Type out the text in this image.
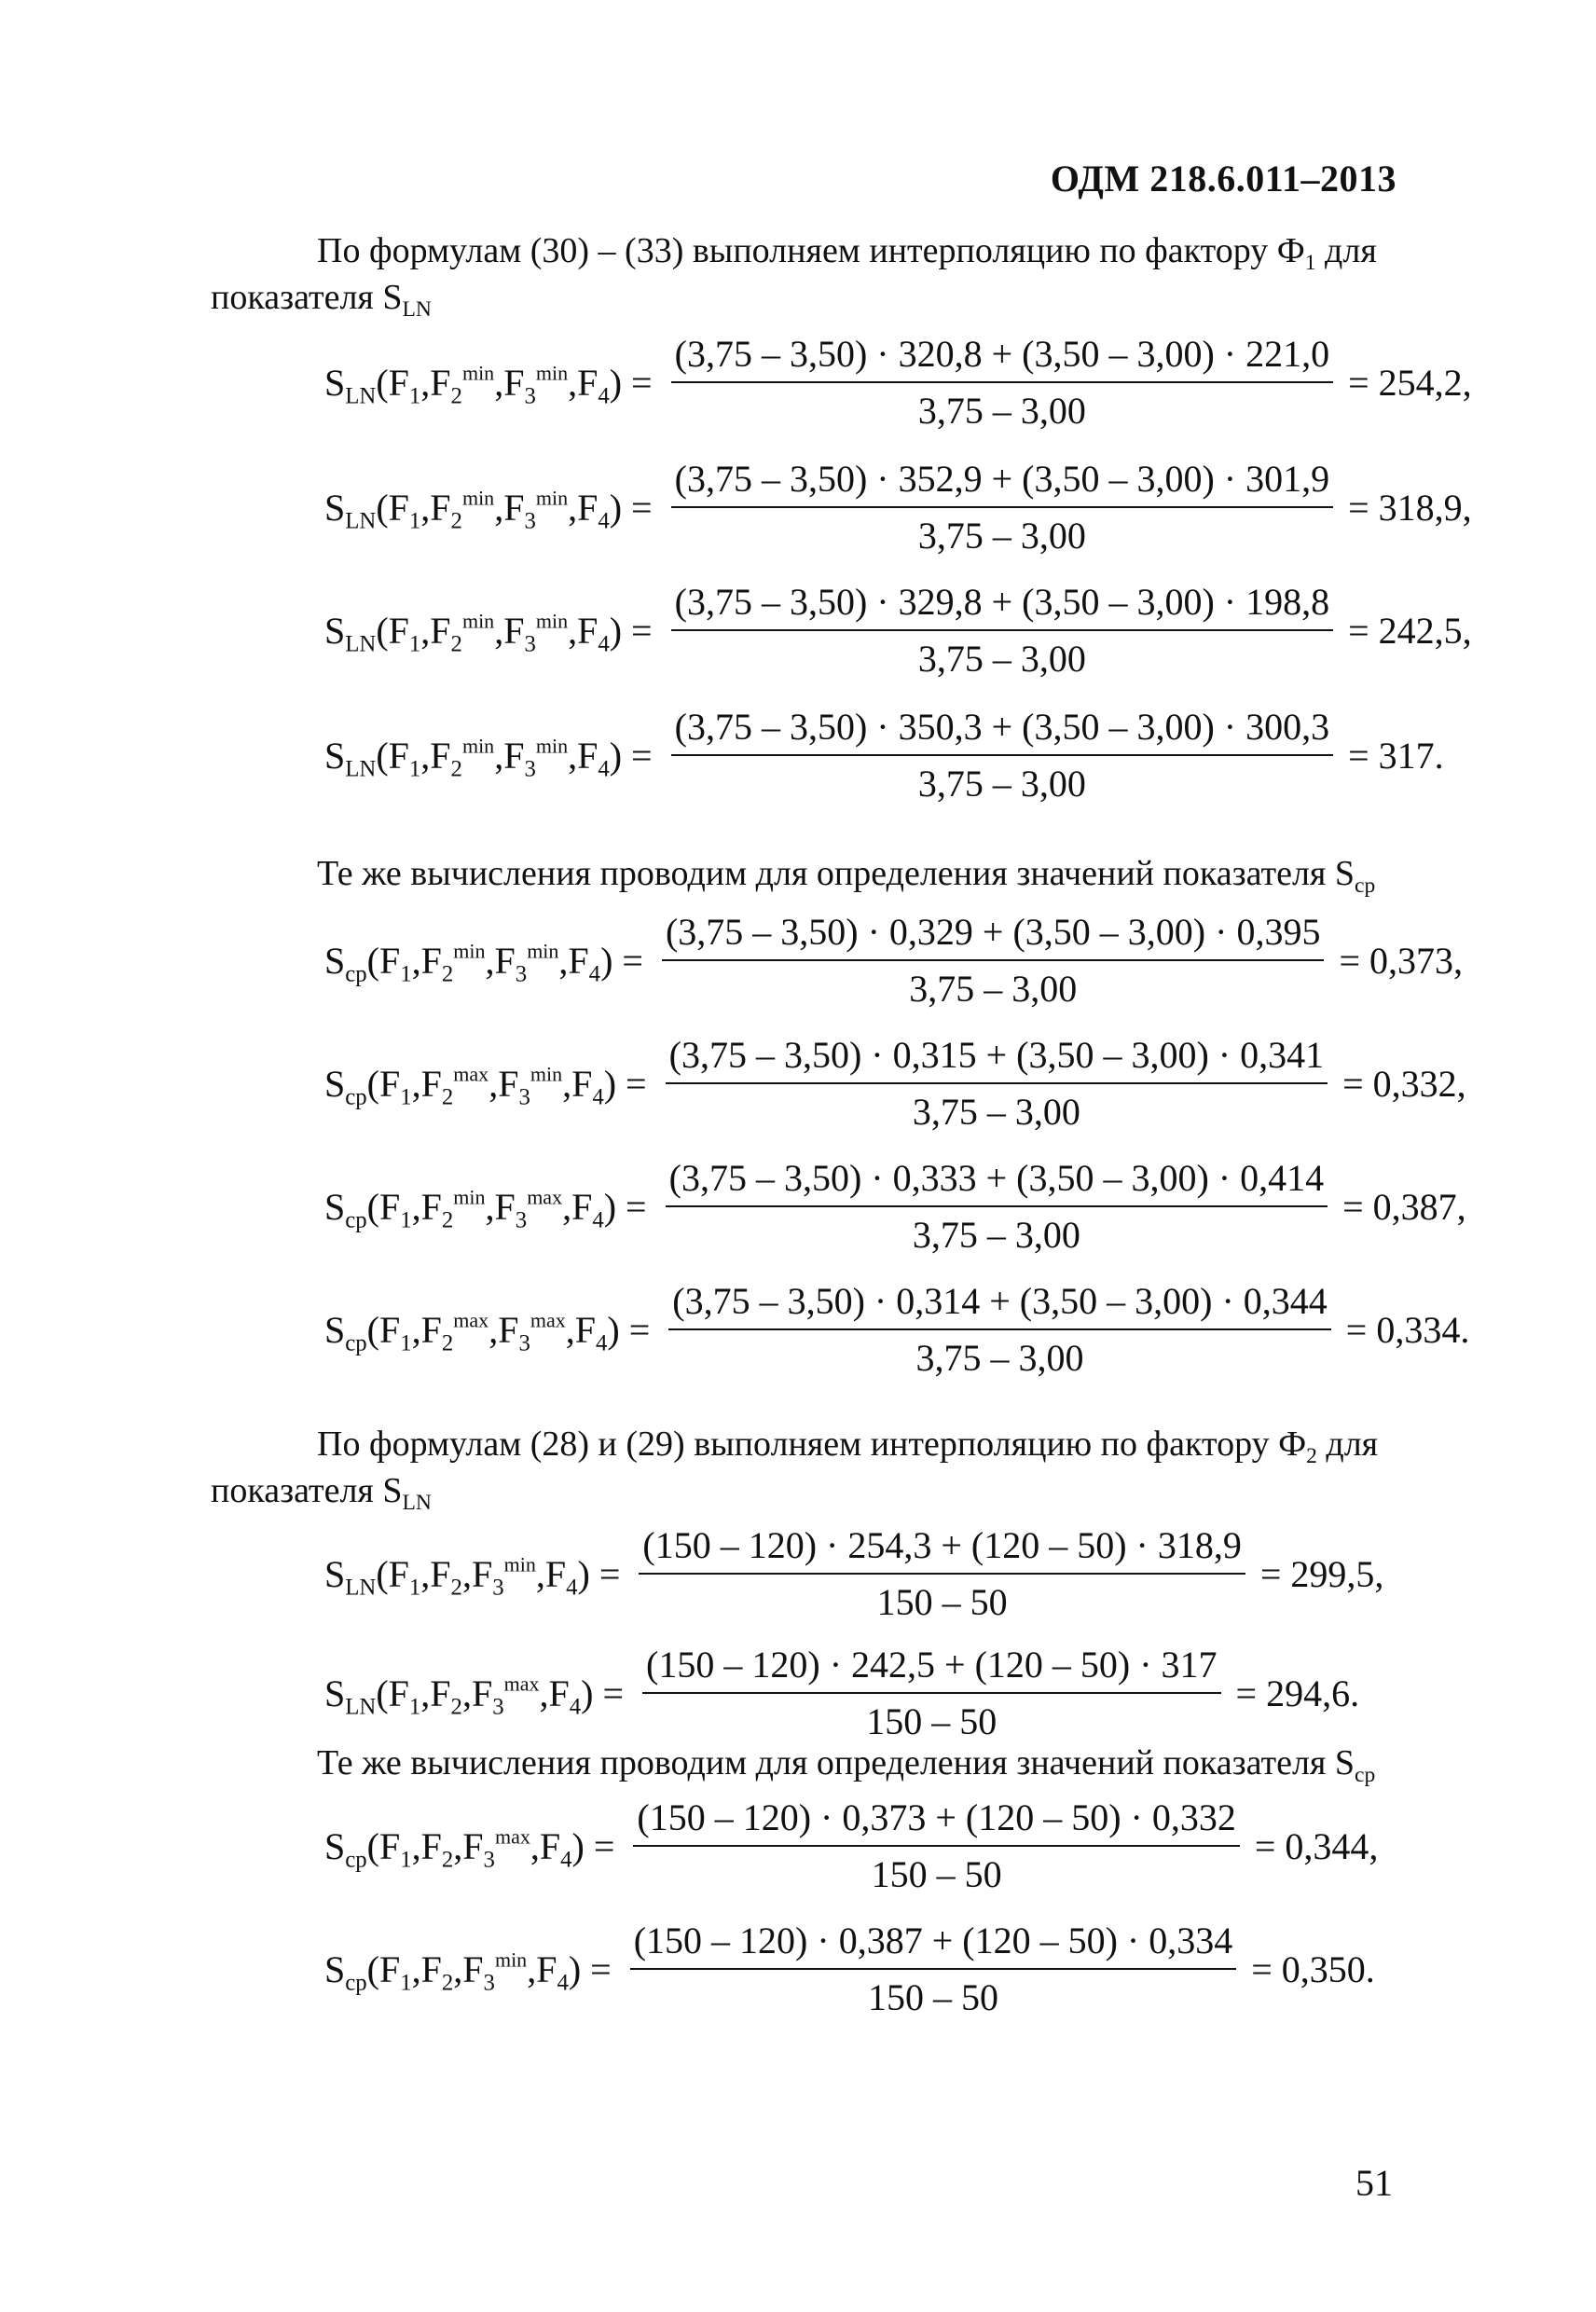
ОДМ 218.6.011–2013
По формулам (30) – (33) выполняем интерполяцию по фактору $Ф_1$ для
показателя $S_{LN}$
$S_{LN}(F_1,F_2^{min},F_3^{min},F_4) = \frac{(3,75 - 3,50) \cdot 320,8 + (3,50 - 3,00) \cdot 221,0}{3,75 - 3,00} = 254,2$,
$S_{LN}(F_1,F_2^{min},F_3^{min},F_4) = \frac{(3,75 - 3,50) \cdot 352,9 + (3,50 - 3,00) \cdot 301,9}{3,75 - 3,00} = 318,9$,
$S_{LN}(F_1,F_2^{min},F_3^{min},F_4) = \frac{(3,75 - 3,50) \cdot 329,8 + (3,50 - 3,00) \cdot 198,8}{3,75 - 3,00} = 242,5$,
$S_{LN}(F_1,F_2^{min},F_3^{min},F_4) = \frac{(3,75 - 3,50) \cdot 350,3 + (3,50 - 3,00) \cdot 300,3}{3,75 - 3,00} = 317$.
Те же вычисления проводим для определения значений показателя $S_{ср}$
$S_{ср}(F_1,F_2^{min},F_3^{min},F_4) = \frac{(3,75 - 3,50) \cdot 0,329 + (3,50 - 3,00) \cdot 0,395}{3,75 - 3,00} = 0,373$,
$S_{ср}(F_1,F_2^{max},F_3^{min},F_4) = \frac{(3,75 - 3,50) \cdot 0,315 + (3,50 - 3,00) \cdot 0,341}{3,75 - 3,00} = 0,332$,
$S_{ср}(F_1,F_2^{min},F_3^{max},F_4) = \frac{(3,75 - 3,50) \cdot 0,333 + (3,50 - 3,00) \cdot 0,414}{3,75 - 3,00} = 0,387$,
$S_{ср}(F_1,F_2^{max},F_3^{max},F_4) = \frac{(3,75 - 3,50) \cdot 0,314 + (3,50 - 3,00) \cdot 0,344}{3,75 - 3,00} = 0,334$.
По формулам (28) и (29) выполняем интерполяцию по фактору $Ф_2$ для
показателя $S_{LN}$
$S_{LN}(F_1,F_2,F_3^{min},F_4) = \frac{(150 - 120) \cdot 254,3 + (120 - 50) \cdot 318,9}{150 - 50} = 299,5$,
$S_{LN}(F_1,F_2,F_3^{max},F_4) = \frac{(150 - 120) \cdot 242,5 + (120 - 50) \cdot 317}{150 - 50} = 294,6$.
Те же вычисления проводим для определения значений показателя $S_{ср}$
$S_{ср}(F_1,F_2,F_3^{max},F_4) = \frac{(150 - 120) \cdot 0,373 + (120 - 50) \cdot 0,332}{150 - 50} = 0,344$,
$S_{ср}(F_1,F_2,F_3^{min},F_4) = \frac{(150 - 120) \cdot 0,387 + (120 - 50) \cdot 0,334}{150 - 50} = 0,350$.
51
